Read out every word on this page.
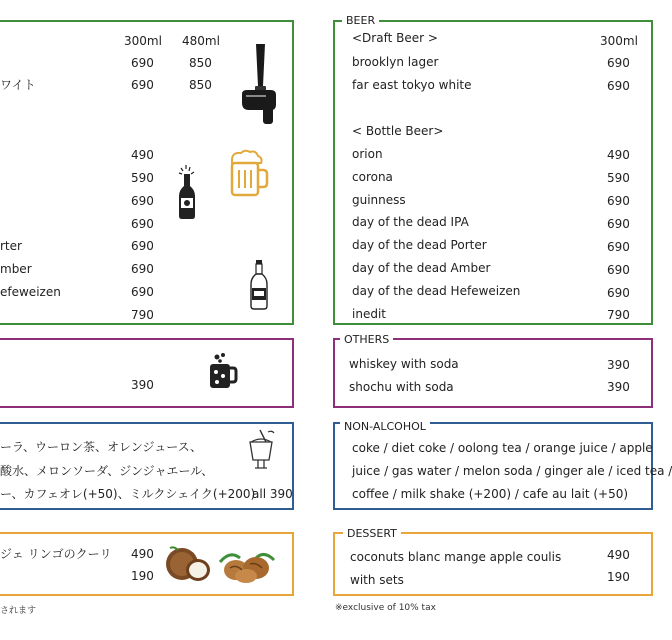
300ml 480ml
690	850
ワイト	690	850
490
590
690
690
rter	690
mber	690
efeweizen	690
790
390
ーラ、ウーロン茶、オレンジュース、
酸水、メロンソーダ、ジンジャエール、
ー、カフェオレ(+50)、ミルクシェイク(+200)
all 390
ジェ リンゴのクーリ 490
190
されます
BEER
<Draft Beer >	300ml
brooklyn lager	690
far east tokyo white	690
< Bottle Beer>
orion	490
corona	590
guinness	690
day of the dead IPA	690
day of the dead Porter	690
day of the dead Amber	690
day of the dead Hefeweizen	690
inedit	790
OTHERS
whiskey with soda	390
shochu with soda	390
NON-ALCOHOL
coke / diet coke / oolong tea / orange juice / apple
juice / gas water / melon soda / ginger ale / iced tea /
coffee / milk shake (+200) / cafe au lait (+50)
DESSERT
coconuts blanc mange apple coulis	490
with sets	190
※exclusive of 10% tax
